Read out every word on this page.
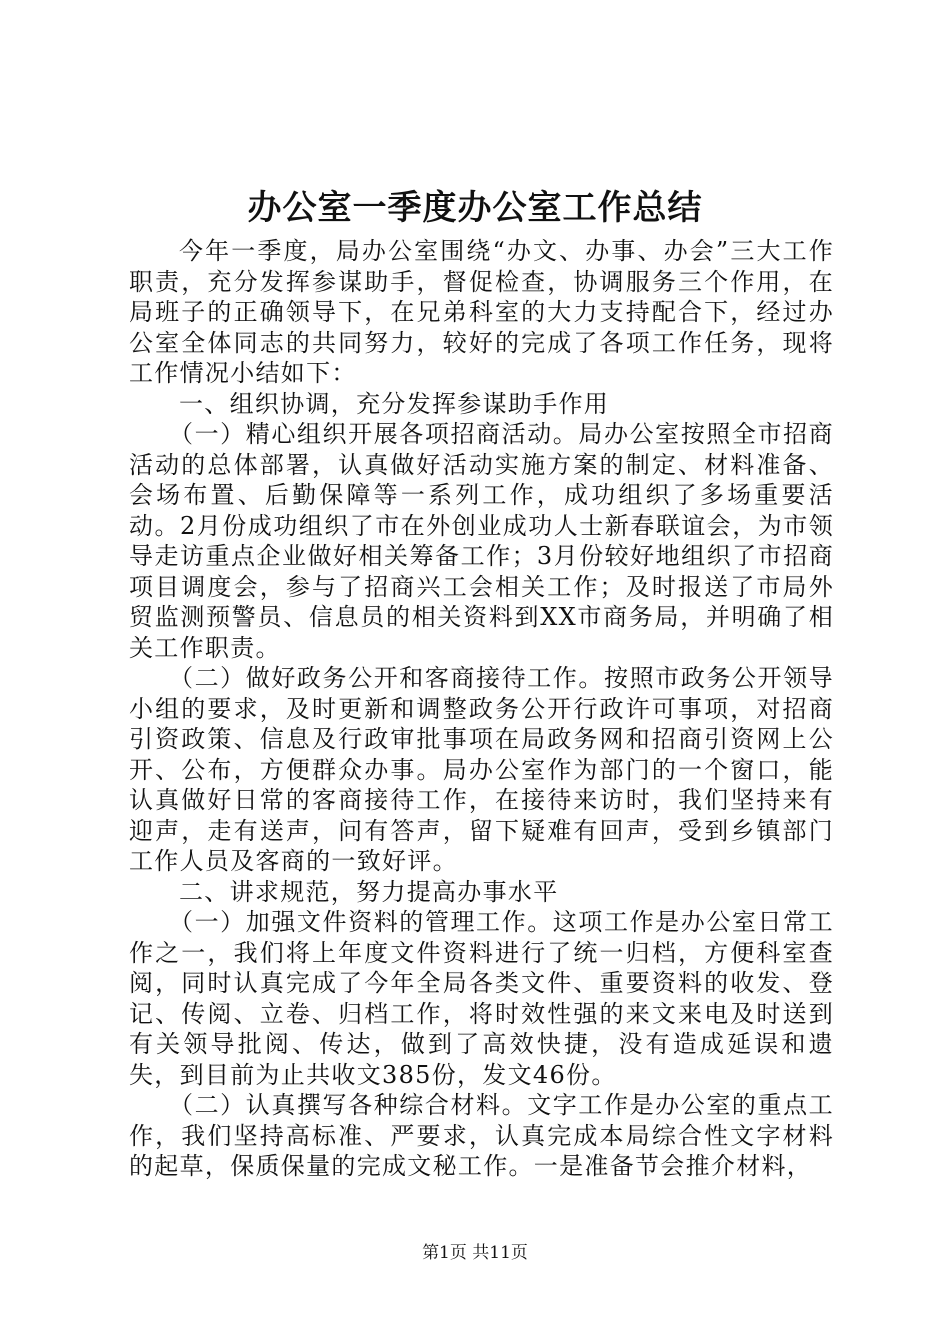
办公室一季度办公室工作总结

今年一季度，局办公室围绕“办文、办事、办会”三大工作职责，充分发挥参谋助手，督促检查，协调服务三个作用，在局班子的正确领导下，在兄弟科室的大力支持配合下，经过办公室全体同志的共同努力，较好的完成了各项工作任务，现将工作情况小结如下：

一、组织协调，充分发挥参谋助手作用

（一）精心组织开展各项招商活动。局办公室按照全市招商活动的总体部署，认真做好活动实施方案的制定、材料准备、会场布置、后勤保障等一系列工作，成功组织了多场重要活动。2月份成功组织了市在外创业成功人士新春联谊会，为市领导走访重点企业做好相关筹备工作；3月份较好地组织了市招商项目调度会，参与了招商兴工会相关工作；及时报送了市局外贸监测预警员、信息员的相关资料到XX市商务局，并明确了相关工作职责。

（二）做好政务公开和客商接待工作。按照市政务公开领导小组的要求，及时更新和调整政务公开行政许可事项，对招商引资政策、信息及行政审批事项在局政务网和招商引资网上公开、公布，方便群众办事。局办公室作为部门的一个窗口，能认真做好日常的客商接待工作，在接待来访时，我们坚持来有迎声，走有送声，问有答声，留下疑难有回声，受到乡镇部门工作人员及客商的一致好评。

二、讲求规范，努力提高办事水平

（一）加强文件资料的管理工作。这项工作是办公室日常工作之一，我们将上年度文件资料进行了统一归档，方便科室查阅，同时认真完成了今年全局各类文件、重要资料的收发、登记、传阅、立卷、归档工作，将时效性强的来文来电及时送到有关领导批阅、传达，做到了高效快捷，没有造成延误和遗失，到目前为止共收文385份，发文46份。

（二）认真撰写各种综合材料。文字工作是办公室的重点工作，我们坚持高标准、严要求，认真完成本局综合性文字材料的起草，保质保量的完成文秘工作。一是准备节会推介材料，

第1页 共11页
